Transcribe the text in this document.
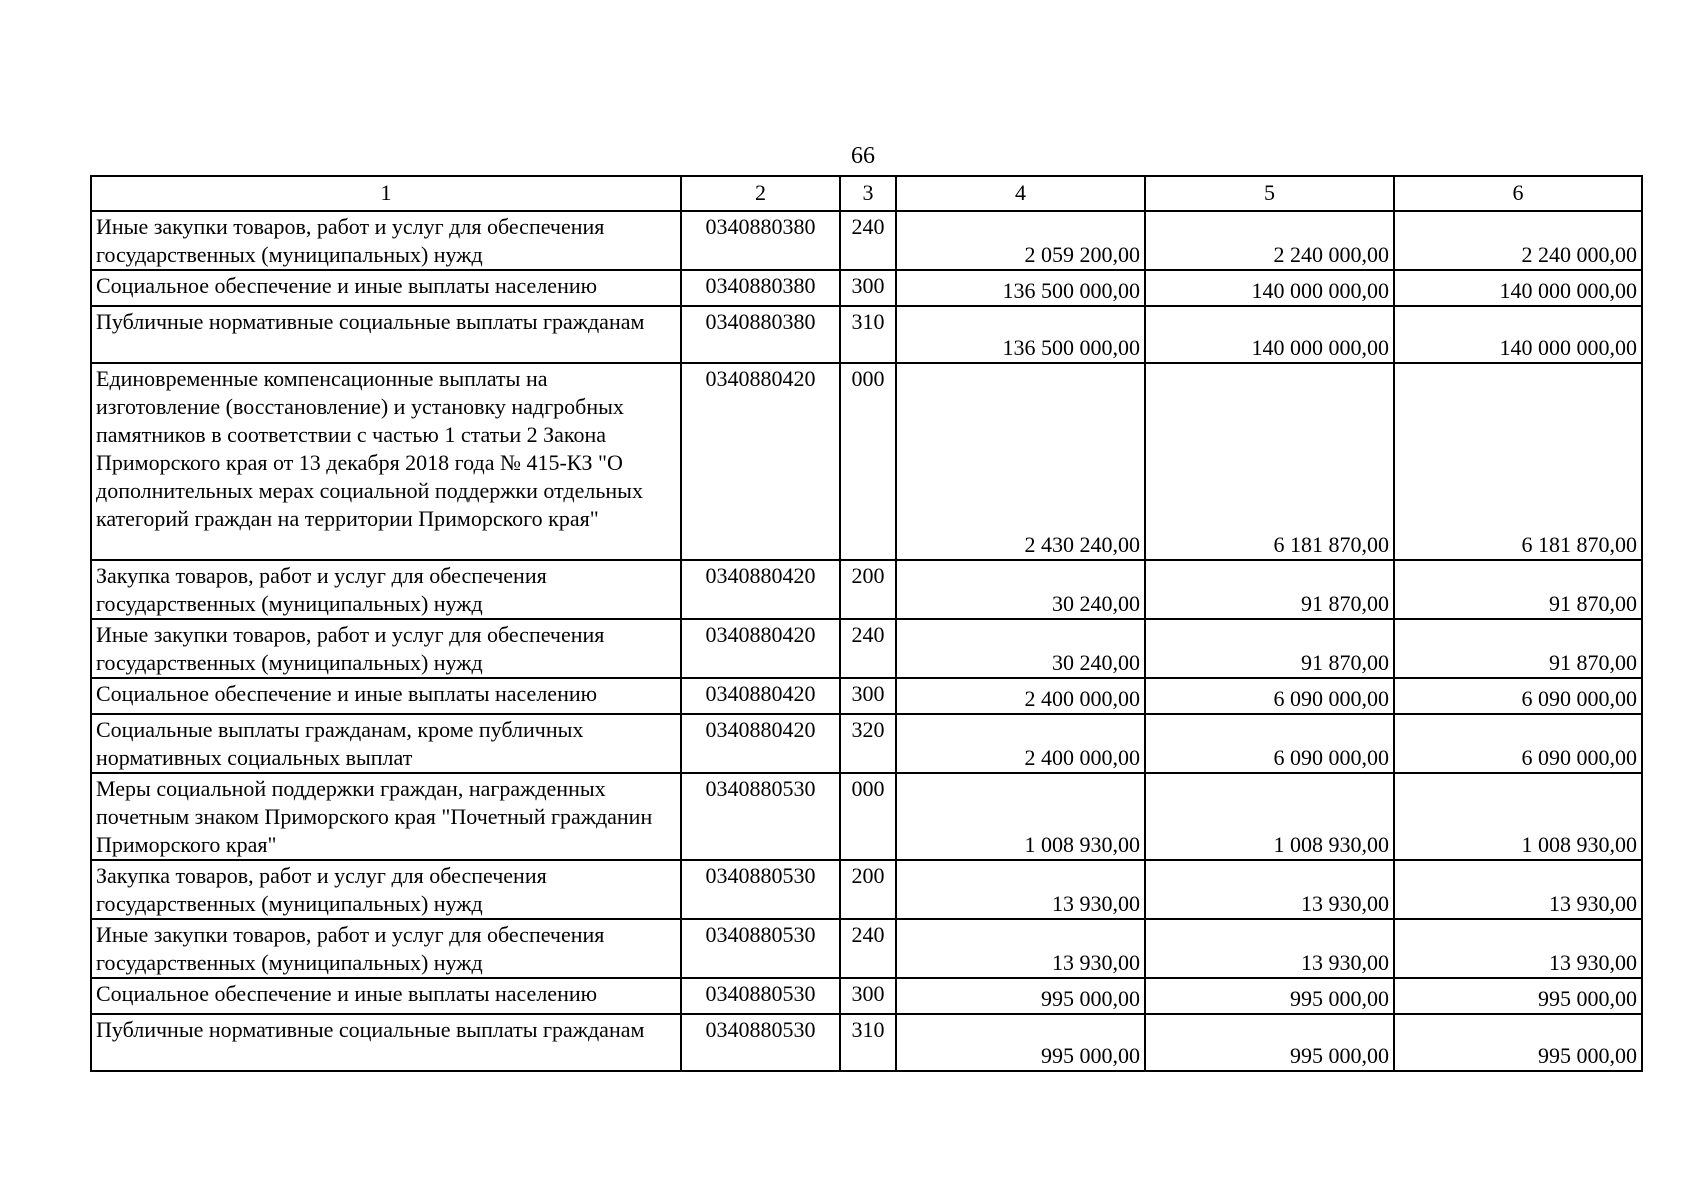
66
1	2	3	4	5	6
Иные закупки товаров, работ и услуг для обеспечения государственных (муниципальных) нужд	0340880380	240	2 059 200,00	2 240 000,00	2 240 000,00
Социальное обеспечение и иные выплаты населению	0340880380	300	136 500 000,00	140 000 000,00	140 000 000,00
Публичные нормативные социальные выплаты гражданам	0340880380	310	136 500 000,00	140 000 000,00	140 000 000,00
Единовременные компенсационные выплаты на изготовление (восстановление) и установку надгробных памятников в соответствии с частью 1 статьи 2 Закона Приморского края от 13 декабря 2018 года № 415-КЗ "О дополнительных мерах социальной поддержки отдельных категорий граждан на территории Приморского края"	0340880420	000	2 430 240,00	6 181 870,00	6 181 870,00
Закупка товаров, работ и услуг для обеспечения государственных (муниципальных) нужд	0340880420	200	30 240,00	91 870,00	91 870,00
Иные закупки товаров, работ и услуг для обеспечения государственных (муниципальных) нужд	0340880420	240	30 240,00	91 870,00	91 870,00
Социальное обеспечение и иные выплаты населению	0340880420	300	2 400 000,00	6 090 000,00	6 090 000,00
Социальные выплаты гражданам, кроме публичных нормативных социальных выплат	0340880420	320	2 400 000,00	6 090 000,00	6 090 000,00
Меры социальной поддержки граждан, награжденных почетным знаком Приморского края "Почетный гражданин Приморского края"	0340880530	000	1 008 930,00	1 008 930,00	1 008 930,00
Закупка товаров, работ и услуг для обеспечения государственных (муниципальных) нужд	0340880530	200	13 930,00	13 930,00	13 930,00
Иные закупки товаров, работ и услуг для обеспечения государственных (муниципальных) нужд	0340880530	240	13 930,00	13 930,00	13 930,00
Социальное обеспечение и иные выплаты населению	0340880530	300	995 000,00	995 000,00	995 000,00
Публичные нормативные социальные выплаты гражданам	0340880530	310	995 000,00	995 000,00	995 000,00
